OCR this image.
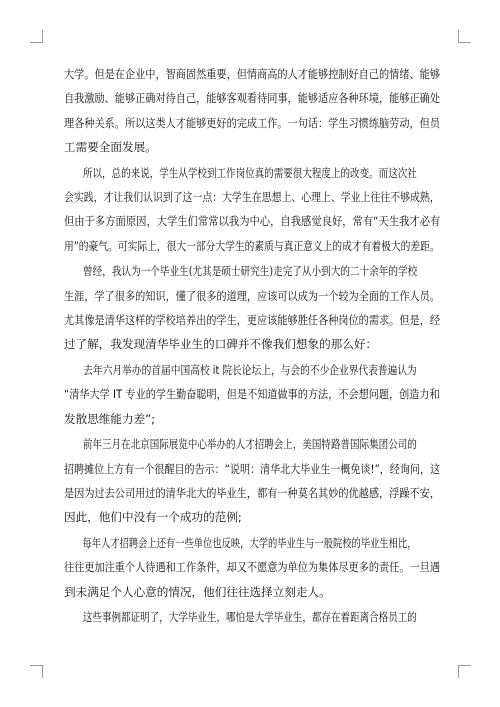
大学。但是在企业中，智商固然重要，但情商高的人才能够控制好自己的情绪、能够
自我激励、能够正确对待自己，能够客观看待同事，能够适应各种环境，能够正确处
理各种关系。所以这类人才能够更好的完成工作。一句话：学生习惯练脑劳动，但员
工需要全面发展。

所以，总的来说，学生从学校到工作岗位真的需要很大程度上的改变。而这次社
会实践，才让我们认识到了这一点：大学生在思想上、心理上、学业上往往不够成熟，
但由于多方面原因，大学生们常常以我为中心，自我感觉良好，常有“天生我才必有
用”的豪气。可实际上，很大一部分大学生的素质与真正意义上的成才有着极大的差距。

曾经，我认为一个毕业生(尤其是硕士研究生)走完了从小到大的二十余年的学校
生涯，学了很多的知识，懂了很多的道理，应该可以成为一个较为全面的工作人员。
尤其像是清华这样的学校培养出的学生，更应该能够胜任各种岗位的需求。但是，经
过了解，我发现清华毕业生的口碑并不像我们想象的那么好：

去年六月举办的首届中国高校 it 院长论坛上，与会的不少企业界代表普遍认为
“清华大学 IT 专业的学生勤奋聪明，但是不知道做事的方法，不会想问题，创造力和
发散思维能力差”;

前年三月在北京国际展览中心举办的人才招聘会上，美国特路普国际集团公司的
招聘摊位上方有一个很醒目的告示：“说明：清华北大毕业生一概免谈!”，经询问，这
是因为过去公司用过的清华北大的毕业生，都有一种莫名其妙的优越感，浮躁不安，
因此，他们中没有一个成功的范例;

每年人才招聘会上还有一些单位也反映，大学的毕业生与一般院校的毕业生相比，
往往更加注重个人待遇和工作条件，却又不愿意为单位为集体尽更多的责任。一旦遇
到未满足个人心意的情况，他们往往选择立刻走人。

这些事例都证明了，大学毕业生，哪怕是大学毕业生，都存在着距离合格员工的
